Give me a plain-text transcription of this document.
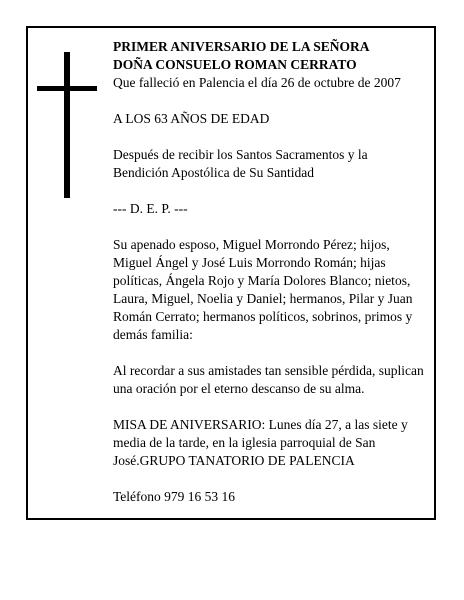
PRIMER ANIVERSARIO DE LA SEÑORA
DOÑA CONSUELO ROMAN CERRATO
Que falleció en Palencia el día 26 de octubre de 2007

A LOS 63 AÑOS DE EDAD

Después de recibir los Santos Sacramentos y la Bendición Apostólica de Su Santidad

--- D. E. P. ---

Su apenado esposo, Miguel Morrondo Pérez; hijos, Miguel Ángel y José Luis Morrondo Román; hijas políticas, Ángela Rojo y María Dolores Blanco; nietos, Laura, Miguel, Noelia y Daniel; hermanos, Pilar y Juan Román Cerrato; hermanos políticos, sobrinos, primos y demás familia:

Al recordar a sus amistades tan sensible pérdida, suplican una oración por el eterno descanso de su alma.

MISA DE ANIVERSARIO: Lunes día 27, a las siete y media de la tarde, en la iglesia parroquial de San José.GRUPO TANATORIO DE PALENCIA

Teléfono 979 16 53 16
